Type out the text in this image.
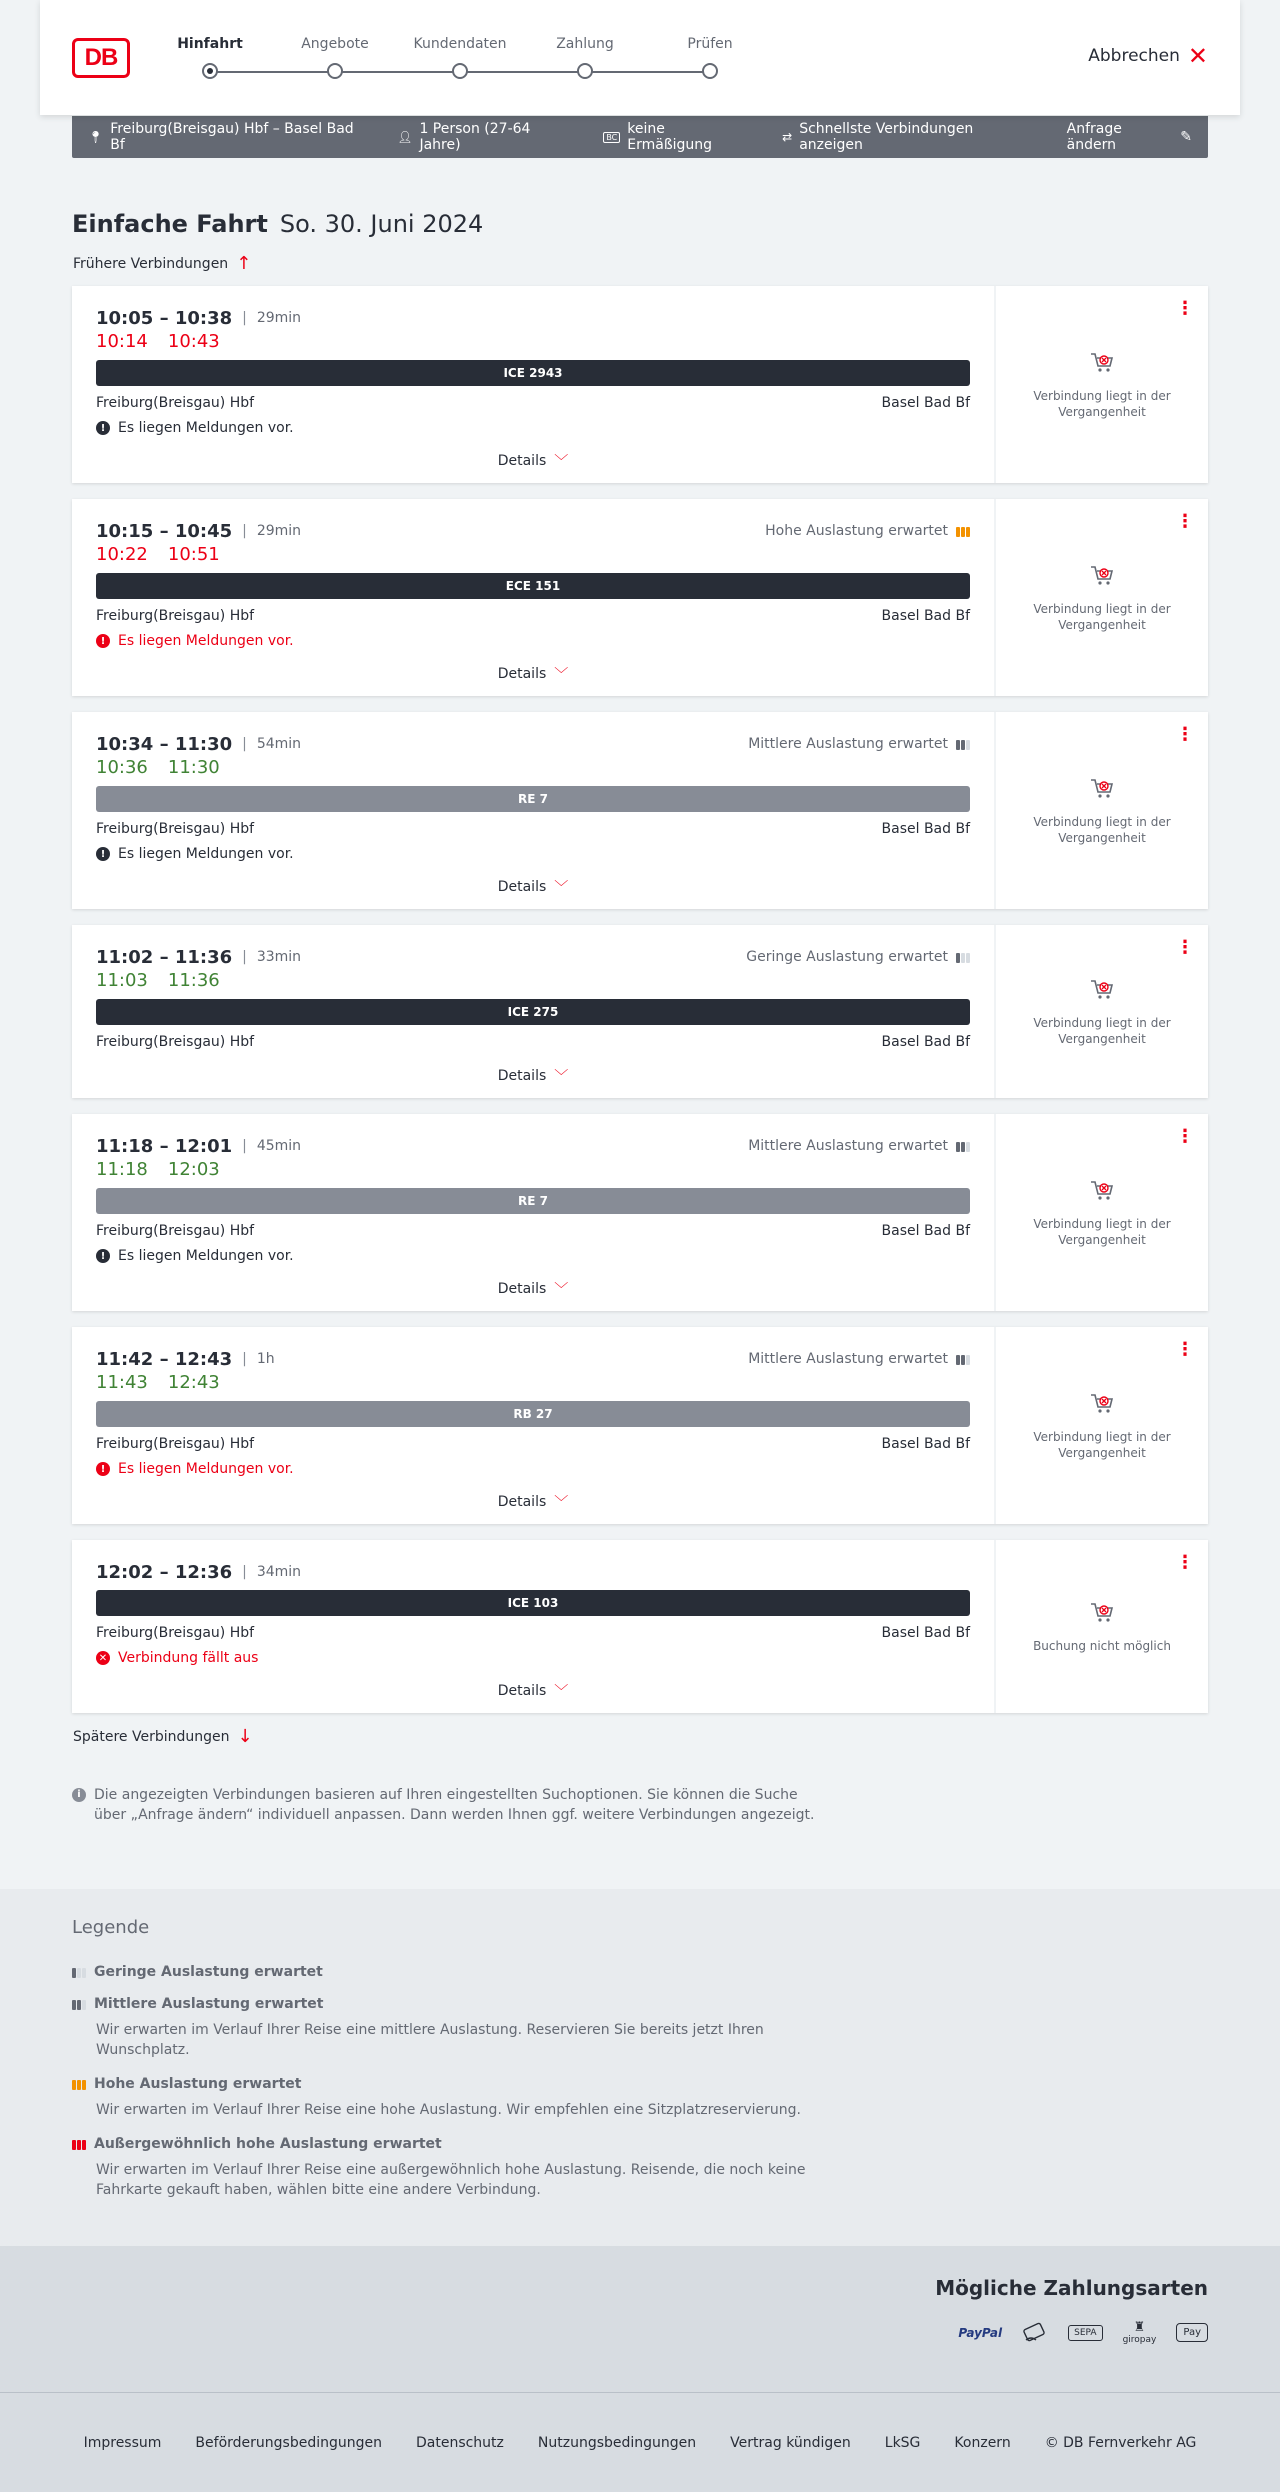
DB	Hinfahrt	Angebote	Kundendaten	Zahlung	Prüfen
Abbrechen ✕
📍︎ Freiburg(Breisgau) Hbf – Basel Bad Bf	👤︎ 1 Person (27-64 Jahre)	BC keine Ermäßigung	⇄ Schnellste Verbindungen anzeigen
Anfrage ändern	✎
Einfache Fahrt So. 30. Juni 2024
Frühere Verbindungen ↑
10:05 – 10:38 | 29min
10:14 10:43
ICE 2943
Freiburg(Breisgau) Hbf	Basel Bad Bf
! Es liegen Meldungen vor.
Details ﹀
⋮
Verbindung liegt in der Vergangenheit
10:15 – 10:45 | 29min	Hohe Auslastung erwartet
10:22 10:51
ECE 151
Freiburg(Breisgau) Hbf	Basel Bad Bf
! Es liegen Meldungen vor.
Details ﹀
⋮
Verbindung liegt in der Vergangenheit
10:34 – 11:30 | 54min	Mittlere Auslastung erwartet
10:36 11:30
RE 7
Freiburg(Breisgau) Hbf	Basel Bad Bf
! Es liegen Meldungen vor.
Details ﹀
⋮
Verbindung liegt in der Vergangenheit
11:02 – 11:36 | 33min	Geringe Auslastung erwartet
11:03 11:36
ICE 275
Freiburg(Breisgau) Hbf	Basel Bad Bf
Details ﹀
⋮
Verbindung liegt in der Vergangenheit
11:18 – 12:01 | 45min	Mittlere Auslastung erwartet
11:18 12:03
RE 7
Freiburg(Breisgau) Hbf	Basel Bad Bf
! Es liegen Meldungen vor.
Details ﹀
⋮
Verbindung liegt in der Vergangenheit
11:42 – 12:43 | 1h	Mittlere Auslastung erwartet
11:43 12:43
RB 27
Freiburg(Breisgau) Hbf	Basel Bad Bf
! Es liegen Meldungen vor.
Details ﹀
⋮
Verbindung liegt in der Vergangenheit
12:02 – 12:36 | 34min
ICE 103
Freiburg(Breisgau) Hbf	Basel Bad Bf
✕ Verbindung fällt aus
Details ﹀
⋮
Buchung nicht möglich
Spätere Verbindungen ↓
i Die angezeigten Verbindungen basieren auf Ihren eingestellten Suchoptionen. Sie können die Suche über „Anfrage ändern“ individuell anpassen. Dann werden Ihnen ggf. weitere Verbindungen angezeigt.
Legende
Geringe Auslastung erwartet
Mittlere Auslastung erwartet
Wir erwarten im Verlauf Ihrer Reise eine mittlere Auslastung. Reservieren Sie bereits jetzt Ihren Wunschplatz.
Hohe Auslastung erwartet
Wir erwarten im Verlauf Ihrer Reise eine hohe Auslastung. Wir empfehlen eine Sitzplatzreservierung.
Außergewöhnlich hohe Auslastung erwartet
Wir erwarten im Verlauf Ihrer Reise eine außergewöhnlich hohe Auslastung. Reisende, die noch keine Fahrkarte gekauft haben, wählen bitte eine andere Verbindung.
Mögliche Zahlungsarten
PayPal	SEPA	♜
giropay
Pay
Impressum Beförderungsbedingungen Datenschutz Nutzungsbedingungen Vertrag kündigen LkSG Konzern © DB Fernverkehr AG
